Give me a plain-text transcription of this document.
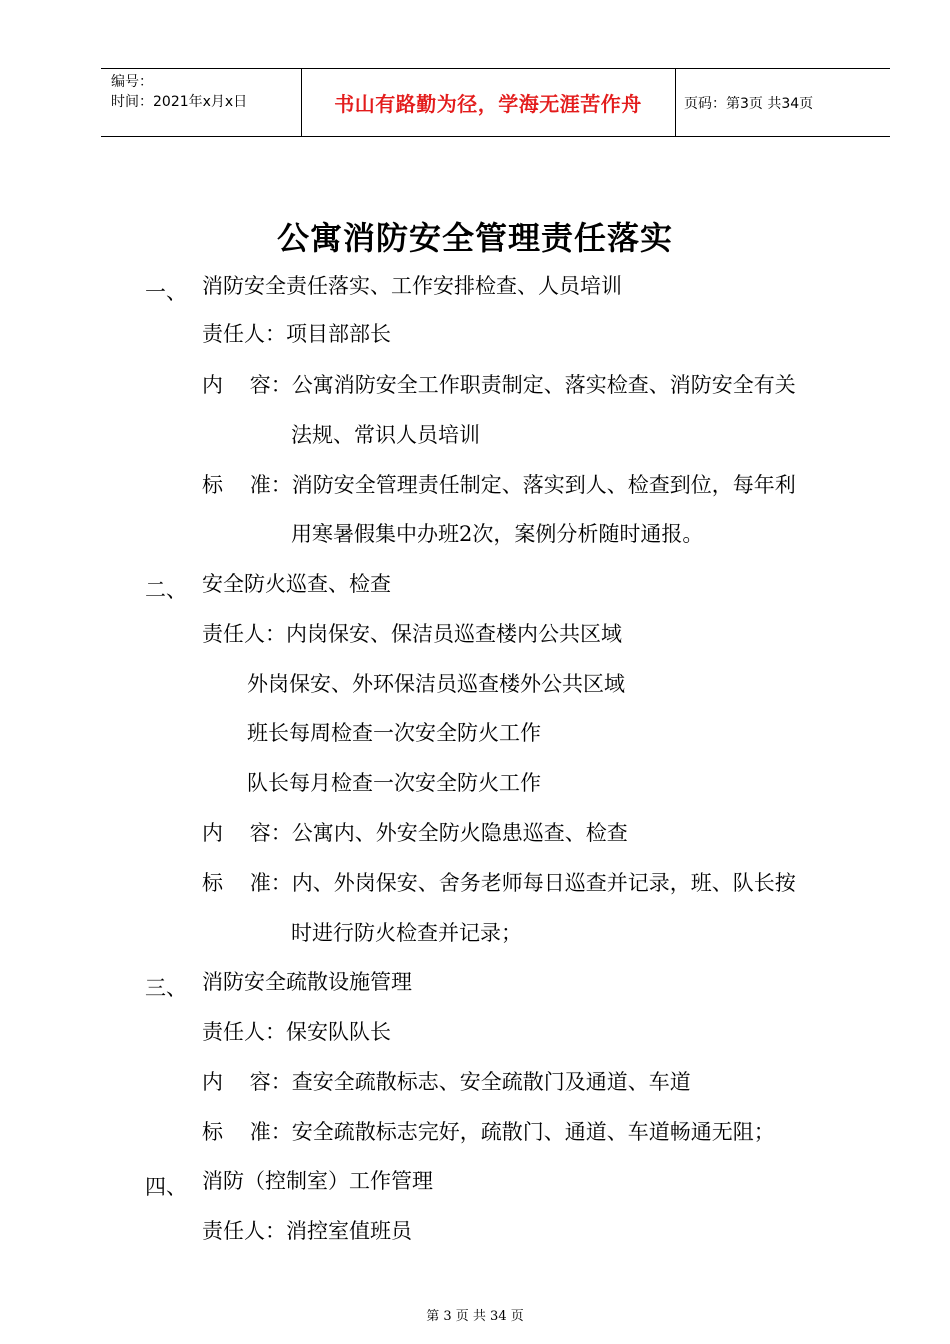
编号：
时间：2021年x月x日	书山有路勤为径，学海无涯苦作舟	页码：第3页 共34页
公寓消防安全管理责任落实
一、 消防安全责任落实、工作安排检查、人员培训
责任人：项目部部长
内    容：公寓消防安全工作职责制定、落实检查、消防安全有关
法规、常识人员培训
标    准：消防安全管理责任制定、落实到人、检查到位，每年利
用寒暑假集中办班2次，案例分析随时通报。
二、 安全防火巡查、检查
责任人：内岗保安、保洁员巡查楼内公共区域
外岗保安、外环保洁员巡查楼外公共区域
班长每周检查一次安全防火工作
队长每月检查一次安全防火工作
内    容：公寓内、外安全防火隐患巡查、检查
标    准：内、外岗保安、舍务老师每日巡查并记录，班、队长按
时进行防火检查并记录；
三、 消防安全疏散设施管理
责任人：保安队队长
内    容：查安全疏散标志、安全疏散门及通道、车道
标    准：安全疏散标志完好，疏散门、通道、车道畅通无阻；
四、 消防（控制室）工作管理
责任人：消控室值班员
第 3 页 共 34 页
